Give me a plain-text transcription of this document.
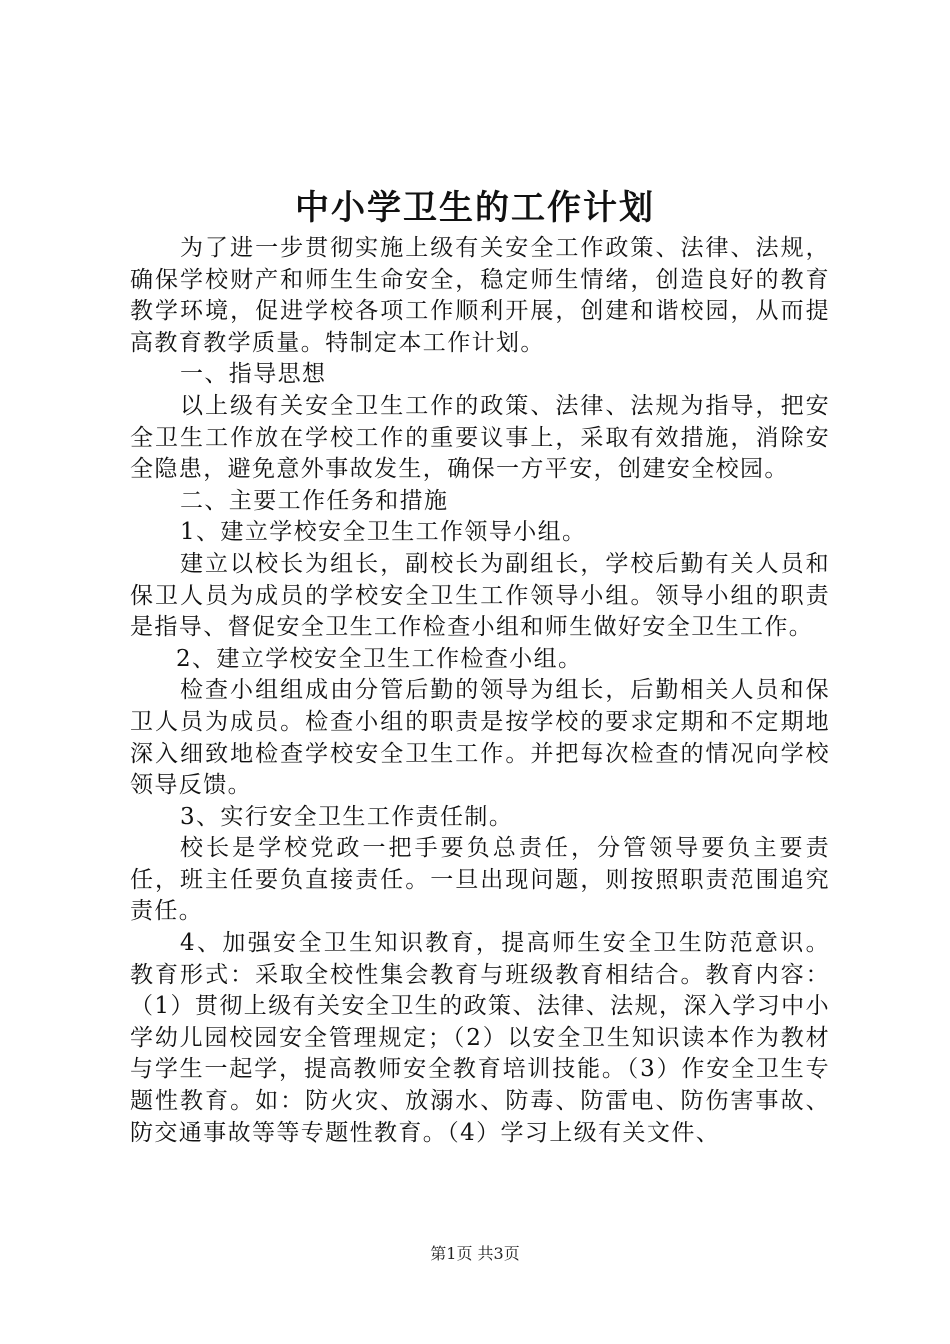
中小学卫生的工作计划

为了进一步贯彻实施上级有关安全工作政策、法律、法规，确保学校财产和师生生命安全，稳定师生情绪，创造良好的教育教学环境，促进学校各项工作顺利开展，创建和谐校园，从而提高教育教学质量。特制定本工作计划。

一、指导思想

以上级有关安全卫生工作的政策、法律、法规为指导，把安全卫生工作放在学校工作的重要议事上，采取有效措施，消除安全隐患，避免意外事故发生，确保一方平安，创建安全校园。

二、主要工作任务和措施

1、建立学校安全卫生工作领导小组。

建立以校长为组长，副校长为副组长，学校后勤有关人员和保卫人员为成员的学校安全卫生工作领导小组。领导小组的职责是指导、督促安全卫生工作检查小组和师生做好安全卫生工作。

2、建立学校安全卫生工作检查小组。

检查小组组成由分管后勤的领导为组长，后勤相关人员和保卫人员为成员。检查小组的职责是按学校的要求定期和不定期地深入细致地检查学校安全卫生工作。并把每次检查的情况向学校领导反馈。

3、实行安全卫生工作责任制。

校长是学校党政一把手要负总责任，分管领导要负主要责任，班主任要负直接责任。一旦出现问题，则按照职责范围追究责任。

4、加强安全卫生知识教育，提高师生安全卫生防范意识。教育形式：采取全校性集会教育与班级教育相结合。教育内容：（1）贯彻上级有关安全卫生的政策、法律、法规，深入学习中小学幼儿园校园安全管理规定；（2）以安全卫生知识读本作为教材与学生一起学，提高教师安全教育培训技能。（3）作安全卫生专题性教育。如：防火灾、放溺水、防毒、防雷电、防伤害事故、防交通事故等等专题性教育。（4）学习上级有关文件、

第1页 共3页
